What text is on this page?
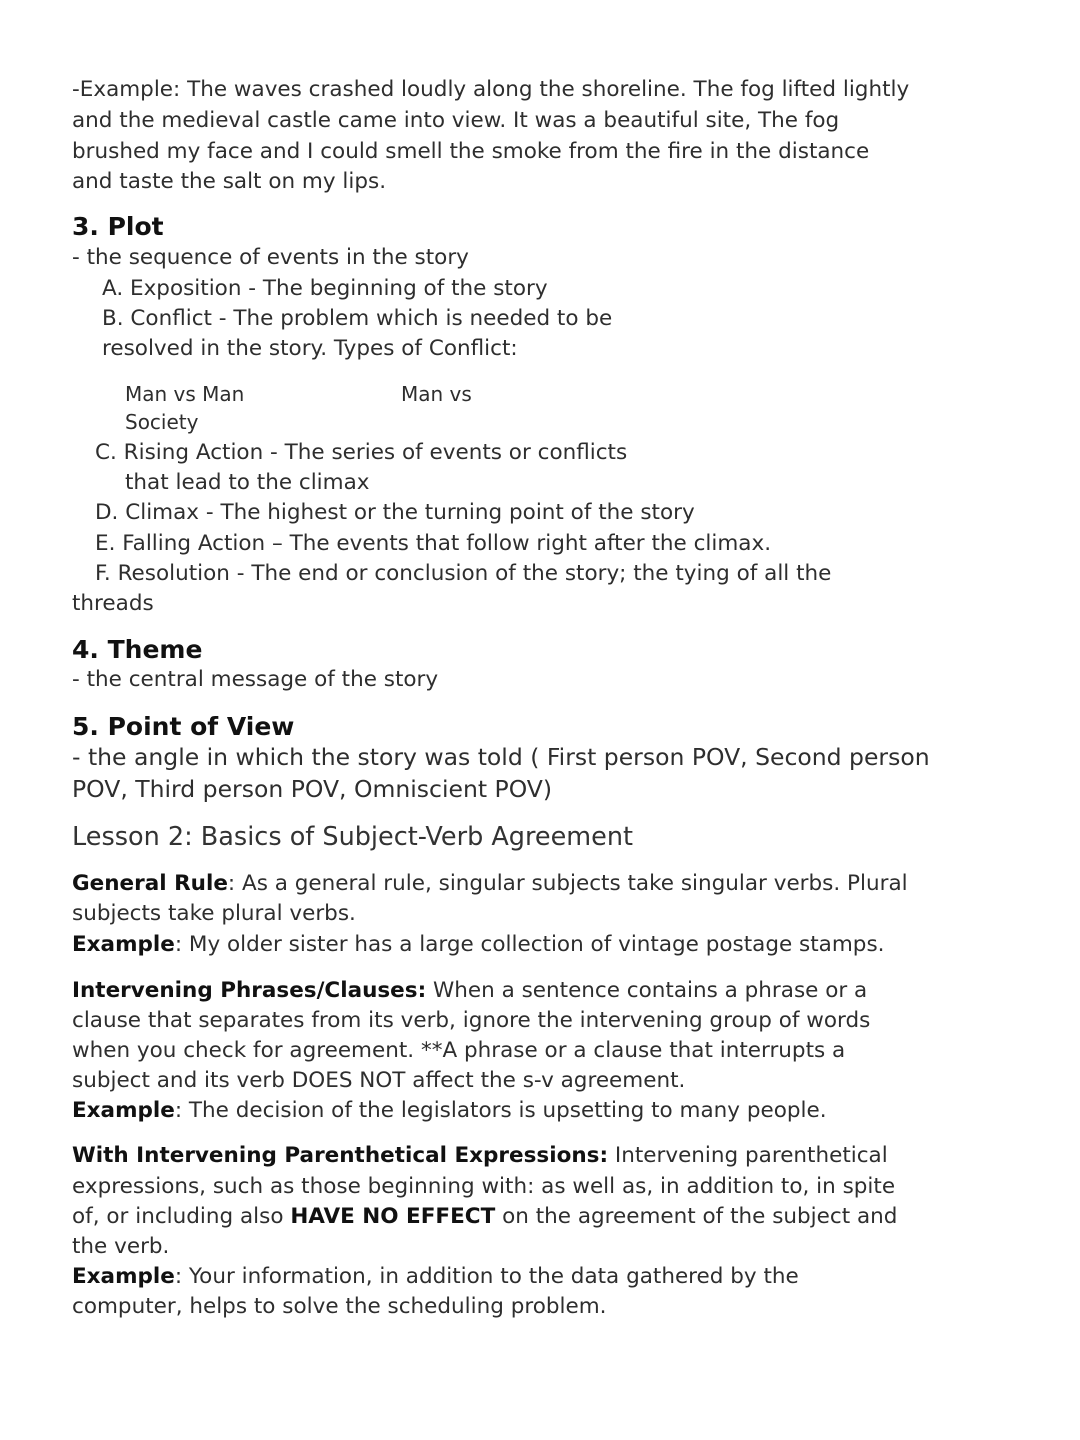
-Example: The waves crashed loudly along the shoreline. The fog lifted lightly
and the medieval castle came into view. It was a beautiful site, The fog
brushed my face and I could smell the smoke from the fire in the distance
and taste the salt on my lips.
3. Plot
- the sequence of events in the story
A. Exposition - The beginning of the story
B. Conflict - The problem which is needed to be
resolved in the story. Types of Conflict:
Man vs Man	Man vs
Society
C. Rising Action - The series of events or conflicts
that lead to the climax
D. Climax - The highest or the turning point of the story
E. Falling Action – The events that follow right after the climax.
F. Resolution - The end or conclusion of the story; the tying of all the
threads
4. Theme
- the central message of the story
5. Point of View
- the angle in which the story was told ( First person POV, Second person
POV, Third person POV, Omniscient POV)
Lesson 2: Basics of Subject-Verb Agreement
General Rule: As a general rule, singular subjects take singular verbs. Plural
subjects take plural verbs.
Example: My older sister has a large collection of vintage postage stamps.
Intervening Phrases/Clauses: When a sentence contains a phrase or a
clause that separates from its verb, ignore the intervening group of words
when you check for agreement. **A phrase or a clause that interrupts a
subject and its verb DOES NOT affect the s-v agreement.
Example: The decision of the legislators is upsetting to many people.
With Intervening Parenthetical Expressions: Intervening parenthetical
expressions, such as those beginning with: as well as, in addition to, in spite
of, or including also HAVE NO EFFECT on the agreement of the subject and
the verb.
Example: Your information, in addition to the data gathered by the
computer, helps to solve the scheduling problem.
